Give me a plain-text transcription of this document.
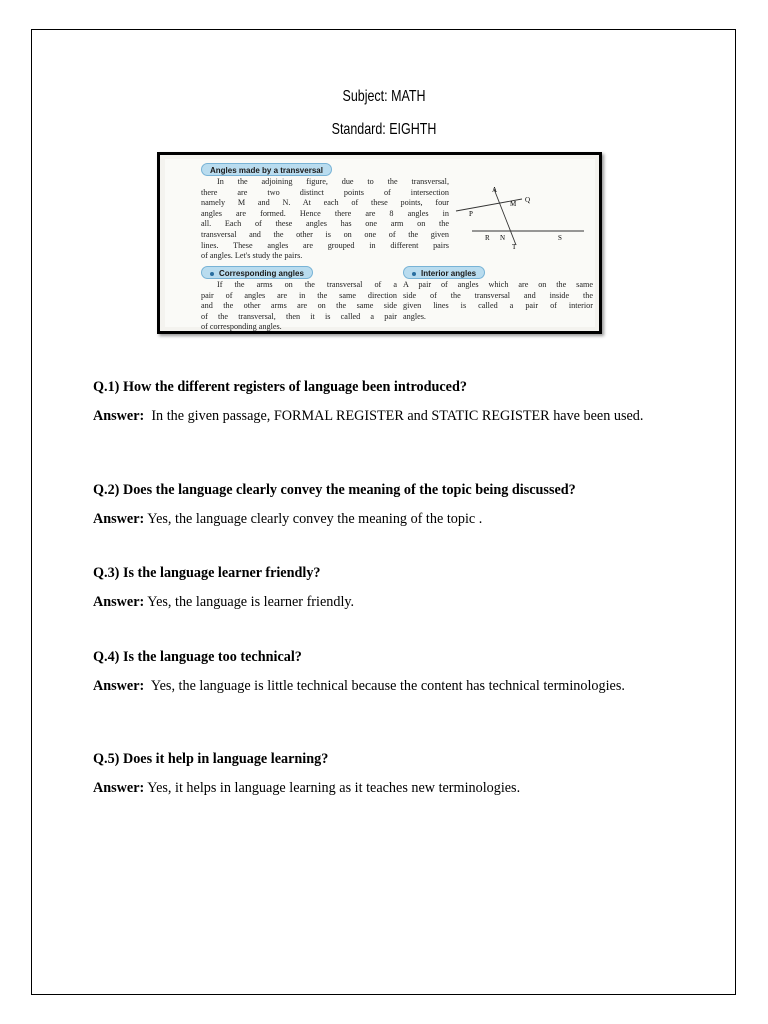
Subject: MATH
Standard: EIGHTH
Angles made by a transversal
In the adjoining figure, due to the transversal,
there are two distinct points of intersection
namely M and N. At each of these points, four
angles are formed. Hence there are 8 angles in
all. Each of these angles has one arm on the
transversal and the other is on one of the given
lines. These angles are grouped in different pairs
of angles. Let's study the pairs.
A
M Q
P
R N	S
T
Corresponding angles
If the arms on the transversal of a
pair of angles are in the same direction
and the other arms are on the same side
of the transversal, then it is called a pair
of corresponding angles.
Interior angles
A pair of angles which are on the same
side of the transversal and inside the
given lines is called a pair of interior
angles.
Q.1) How the different registers of language been introduced?
Answer: In the given passage, FORMAL REGISTER and STATIC REGISTER have been used.
Q.2) Does the language clearly convey the meaning of the topic being discussed?
Answer: Yes, the language clearly convey the meaning of the topic .
Q.3) Is the language learner friendly?
Answer: Yes, the language is learner friendly.
Q.4) Is the language too technical?
Answer: Yes, the language is little technical because the content has technical terminologies.
Q.5) Does it help in language learning?
Answer: Yes, it helps in language learning as it teaches new terminologies.
